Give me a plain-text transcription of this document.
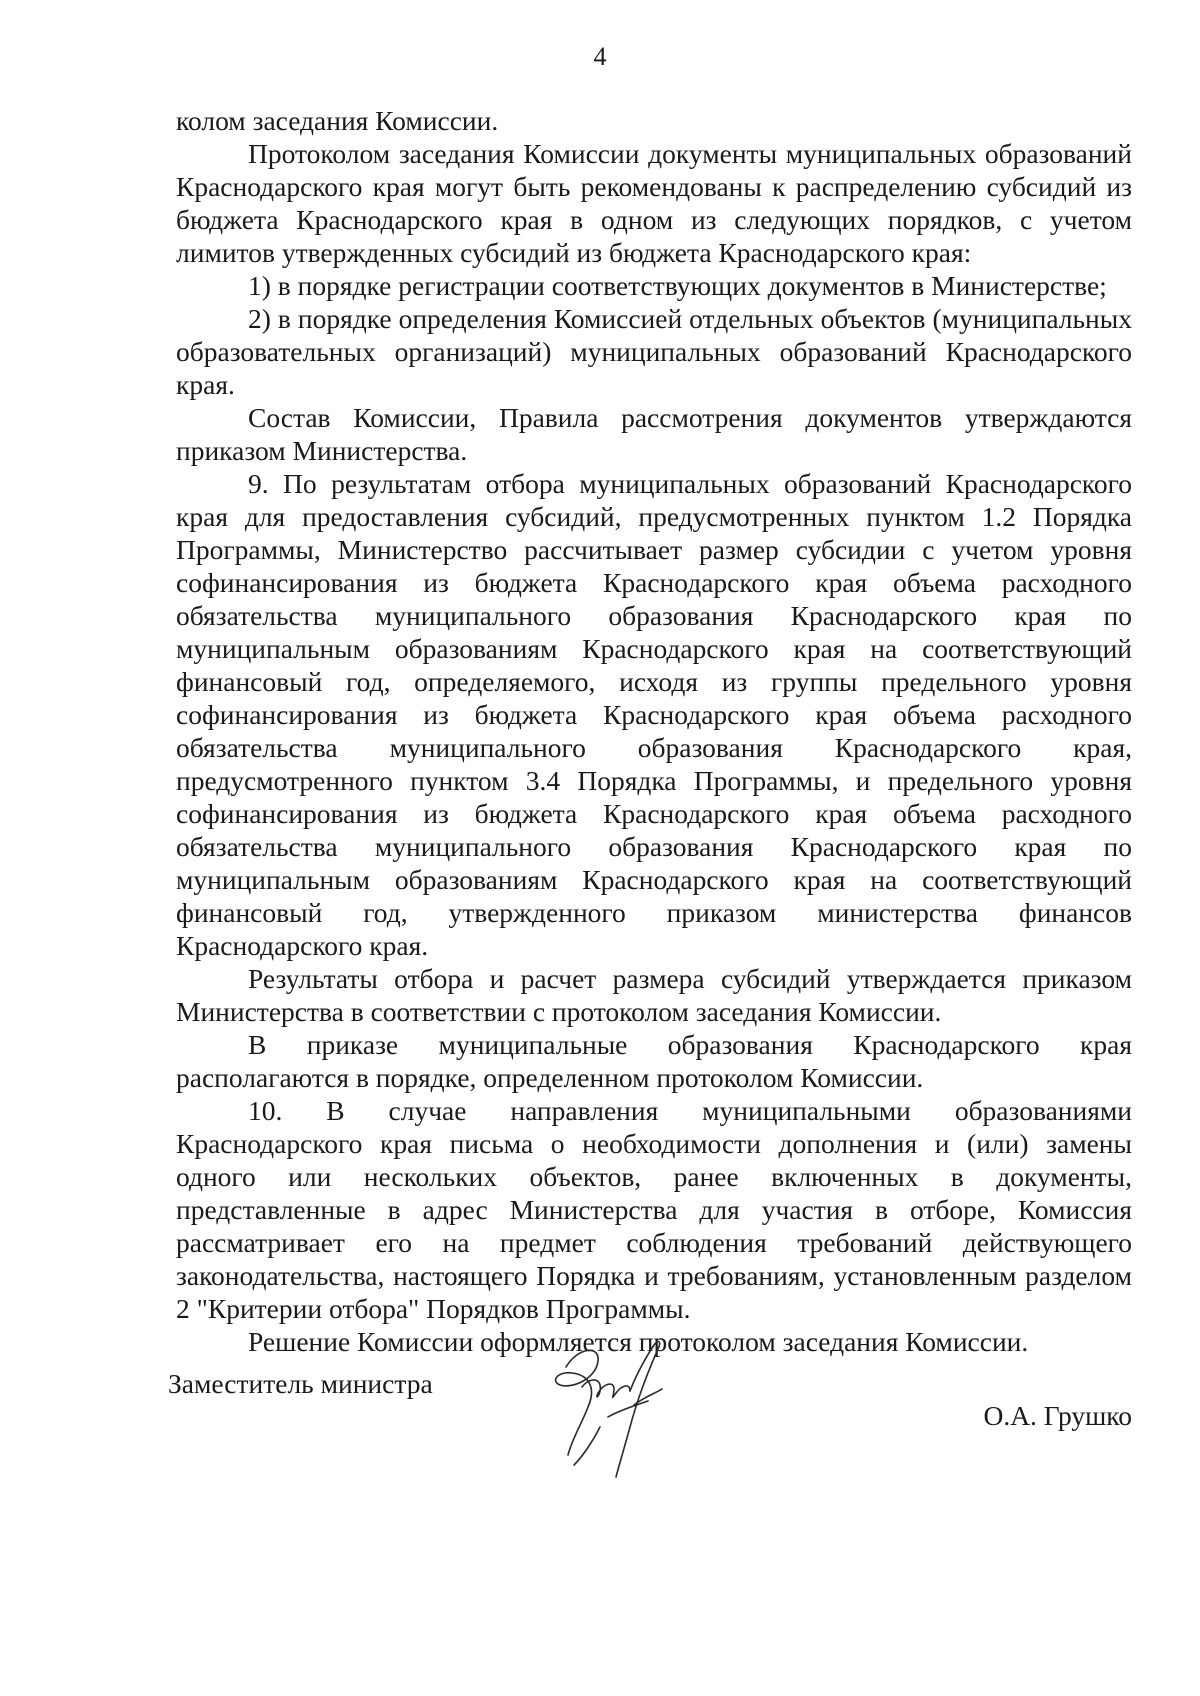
4

колом заседания Комиссии.

Протоколом заседания Комиссии документы муниципальных образований Краснодарского края могут быть рекомендованы к распределению субсидий из бюджета Краснодарского края в одном из следующих порядков, с учетом лимитов утвержденных субсидий из бюджета Краснодарского края:

1) в порядке регистрации соответствующих документов в Министерстве;

2) в порядке определения Комиссией отдельных объектов (муниципальных образовательных организаций) муниципальных образований Краснодарского края.

Состав Комиссии, Правила рассмотрения документов утверждаются приказом Министерства.

9. По результатам отбора муниципальных образований Краснодарского края для предоставления субсидий, предусмотренных пунктом 1.2 Порядка Программы, Министерство рассчитывает размер субсидии с учетом уровня софинансирования из бюджета Краснодарского края объема расходного обязательства муниципального образования Краснодарского края по муниципальным образованиям Краснодарского края на соответствующий финансовый год, определяемого, исходя из группы предельного уровня софинансирования из бюджета Краснодарского края объема расходного обязательства муниципального образования Краснодарского края, предусмотренного пунктом 3.4 Порядка Программы, и предельного уровня софинансирования из бюджета Краснодарского края объема расходного обязательства муниципального образования Краснодарского края по муниципальным образованиям Краснодарского края на соответствующий финансовый год, утвержденного приказом министерства финансов Краснодарского края.

Результаты отбора и расчет размера субсидий утверждается приказом Министерства в соответствии с протоколом заседания Комиссии.

В приказе муниципальные образования Краснодарского края располагаются в порядке, определенном протоколом Комиссии.

10. В случае направления муниципальными образованиями Краснодарского края письма о необходимости дополнения и (или) замены одного или нескольких объектов, ранее включенных в документы, представленные в адрес Министерства для участия в отборе, Комиссия рассматривает его на предмет соблюдения требований действующего законодательства, настоящего Порядка и требованиям, установленным разделом 2 "Критерии отбора" Порядков Программы.

Решение Комиссии оформляется протоколом заседания Комиссии.

Заместитель министра
О.А. Грушко
